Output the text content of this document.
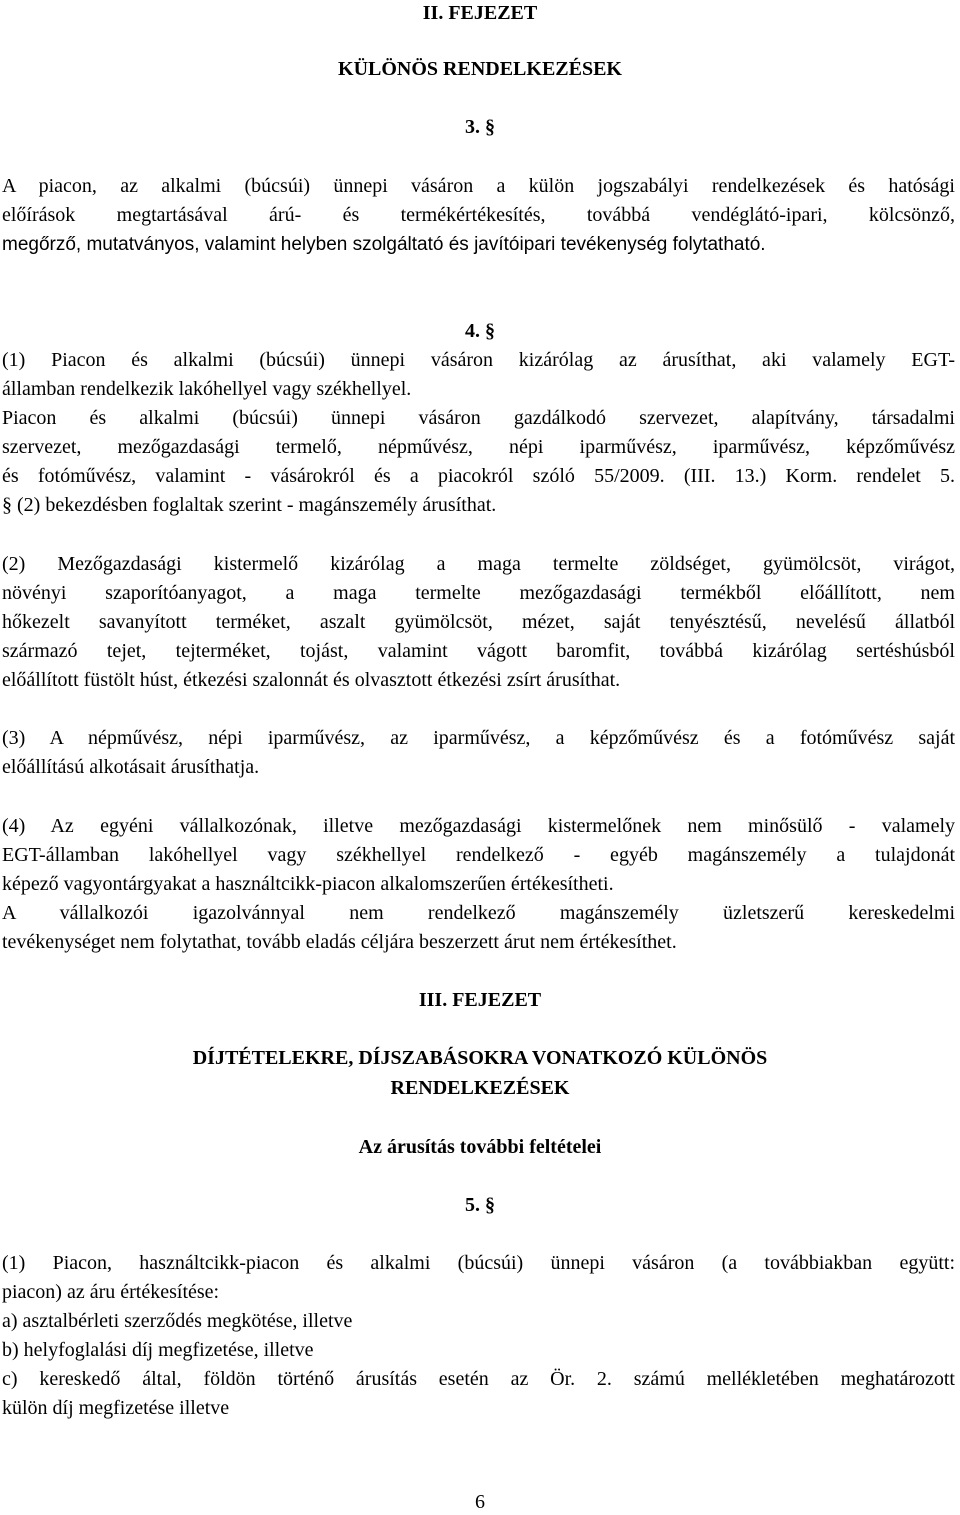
II. FEJEZET
KÜLÖNÖS RENDELKEZÉSEK
3. §
A piacon, az alkalmi (búcsúi) ünnepi vásáron a külön jogszabályi rendelkezések és hatósági
előírások megtartásával árú- és termékértékesítés, továbbá vendéglátó-ipari, kölcsönző,
megőrző, mutatványos, valamint helyben szolgáltató és javítóipari tevékenység folytatható.
4. §
(1) Piacon és alkalmi (búcsúi) ünnepi vásáron kizárólag az árusíthat, aki valamely EGT-
államban rendelkezik lakóhellyel vagy székhellyel.
Piacon és alkalmi (búcsúi) ünnepi vásáron gazdálkodó szervezet, alapítvány, társadalmi
szervezet, mezőgazdasági termelő, népművész, népi iparművész, iparművész, képzőművész
és fotóművész, valamint - vásárokról és a piacokról szóló 55/2009. (III. 13.) Korm. rendelet 5.
§ (2) bekezdésben foglaltak szerint - magánszemély árusíthat.
(2) Mezőgazdasági kistermelő kizárólag a maga termelte zöldséget, gyümölcsöt, virágot,
növényi szaporítóanyagot, a maga termelte mezőgazdasági termékből előállított, nem
hőkezelt savanyított terméket, aszalt gyümölcsöt, mézet, saját tenyésztésű, nevelésű állatból
származó tejet, tejterméket, tojást, valamint vágott baromfit, továbbá kizárólag sertéshúsból
előállított füstölt húst, étkezési szalonnát és olvasztott étkezési zsírt árusíthat.
(3) A népművész, népi iparművész, az iparművész, a képzőművész és a fotóművész saját
előállítású alkotásait árusíthatja.
(4) Az egyéni vállalkozónak, illetve mezőgazdasági kistermelőnek nem minősülő - valamely
EGT-államban lakóhellyel vagy székhellyel rendelkező - egyéb magánszemély a tulajdonát
képező vagyontárgyakat a használtcikk-piacon alkalomszerűen értékesítheti.
A vállalkozói igazolvánnyal nem rendelkező magánszemély üzletszerű kereskedelmi
tevékenységet nem folytathat, tovább eladás céljára beszerzett árut nem értékesíthet.
III. FEJEZET
DÍJTÉTELEKRE, DÍJSZABÁSOKRA VONATKOZÓ KÜLÖNÖS
RENDELKEZÉSEK
Az árusítás további feltételei
5. §
(1) Piacon, használtcikk-piacon és alkalmi (búcsúi) ünnepi vásáron (a továbbiakban együtt:
piacon) az áru értékesítése:
a) asztalbérleti szerződés megkötése, illetve
b) helyfoglalási díj megfizetése, illetve
c) kereskedő által, földön történő árusítás esetén az Ör. 2. számú mellékletében meghatározott
külön díj megfizetése illetve
6
